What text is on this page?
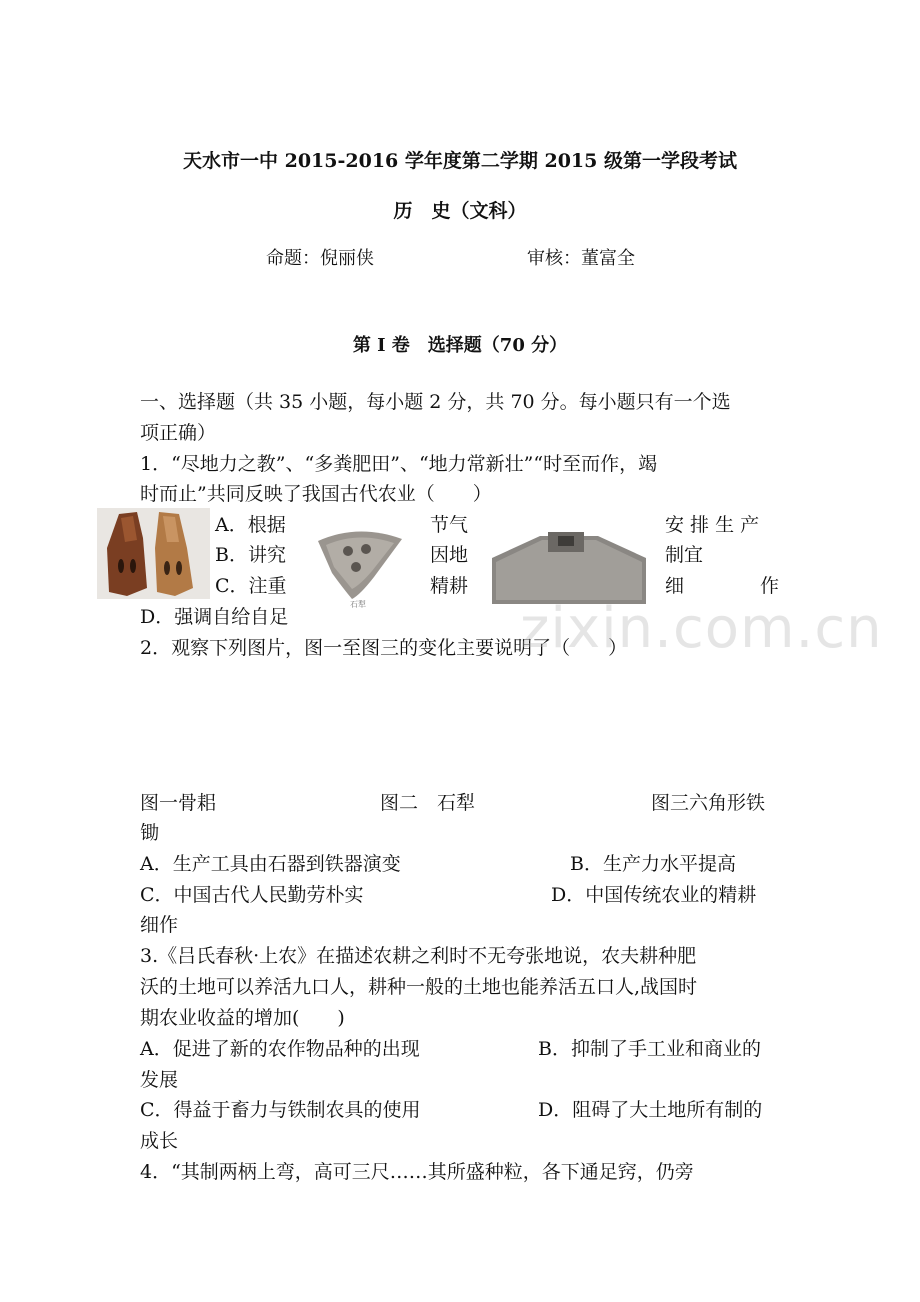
天水市一中 2015-2016 学年度第二学期 2015 级第一学段考试
历　史（文科）
命题：倪丽侠	审核：董富全
第 I 卷　选择题（70 分）
一、选择题（共 35 小题，每小题 2 分，共 70 分。每小题只有一个选
项正确）
1．“尽地力之教”、“多粪肥田”、“地力常新壮”“时至而作，竭
时而止”共同反映了我国古代农业（　　）
石犁
A．根据	节气	安 排 生 产
B．讲究	因地	制宜
C．注重	精耕	细	作
D．强调自给自足
2．观察下列图片，图一至图三的变化主要说明了（　　）
zixin.com.cn
图一骨耜	图二　石犁	图三六角形铁
锄
A．生产工具由石器到铁器演变	B．生产力水平提高
C．中国古代人民勤劳朴实	D．中国传统农业的精耕
细作
3.《吕氏春秋·上农》在描述农耕之利时不无夸张地说，农夫耕种肥
沃的土地可以养活九口人，耕种一般的土地也能养活五口人,战国时
期农业收益的增加(　　)
A．促进了新的农作物品种的出现	B．抑制了手工业和商业的
发展
C．得益于畜力与铁制农具的使用	D．阻碍了大土地所有制的
成长
4．“其制两柄上弯，高可三尺……其所盛种粒，各下通足窍，仍旁
